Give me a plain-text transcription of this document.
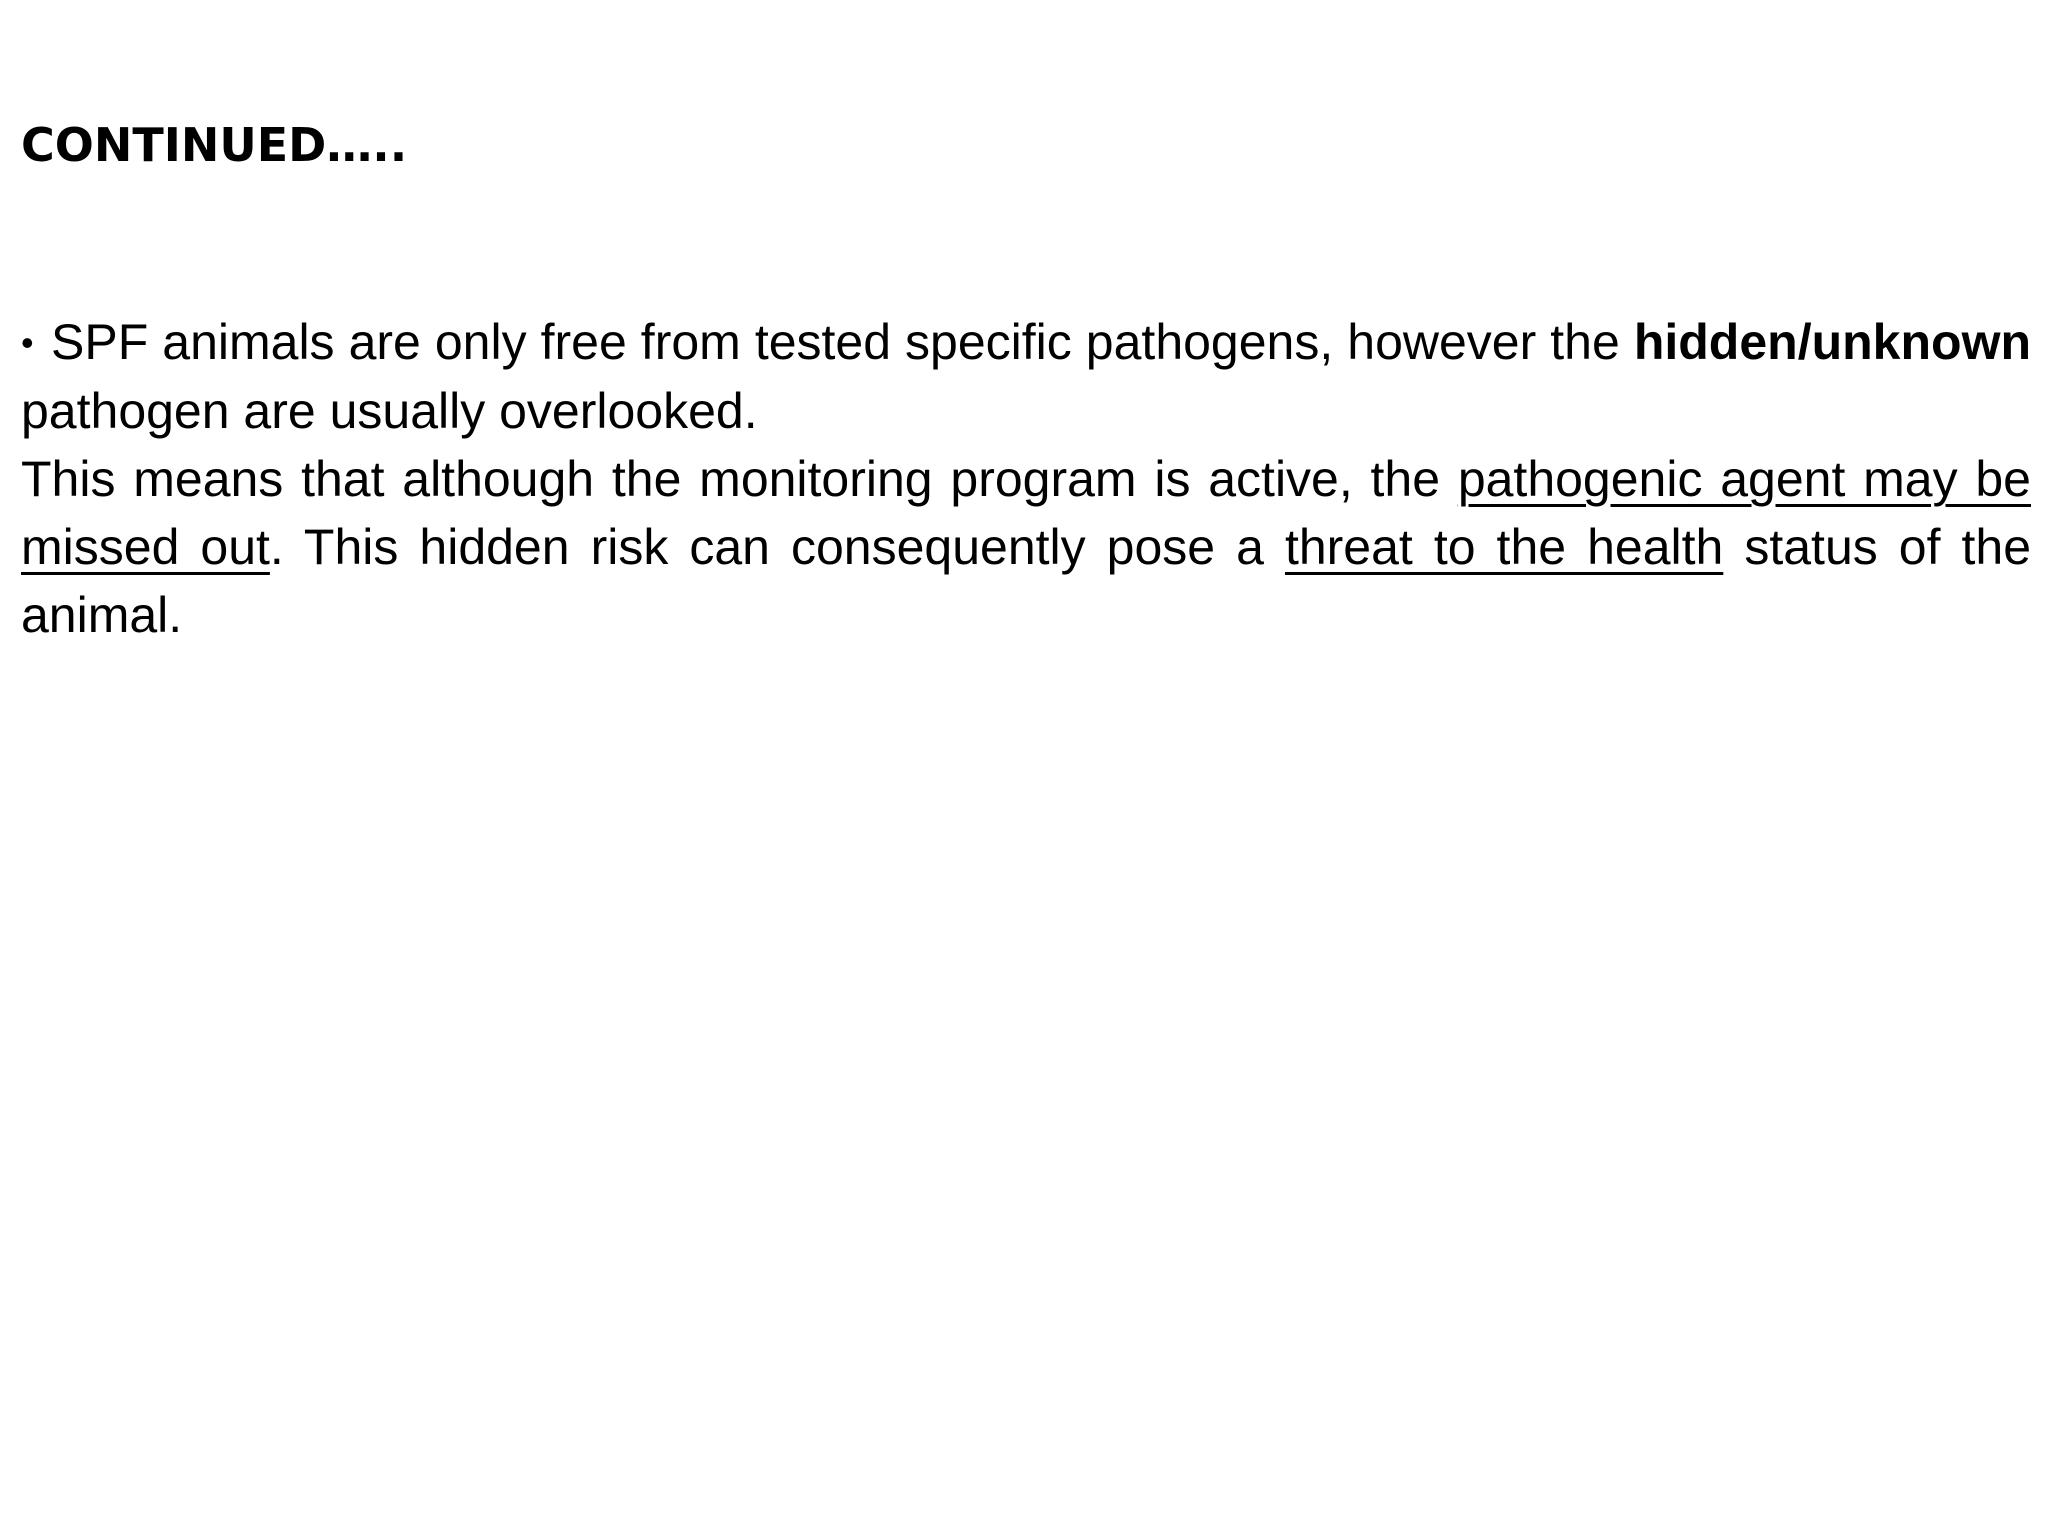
CONTINUED…..

• SPF animals are only free from tested specific pathogens, however the hidden/unknown pathogen are usually overlooked.

This means that although the monitoring program is active, the pathogenic agent may be missed out. This hidden risk can consequently pose a threat to the health status of the animal.
